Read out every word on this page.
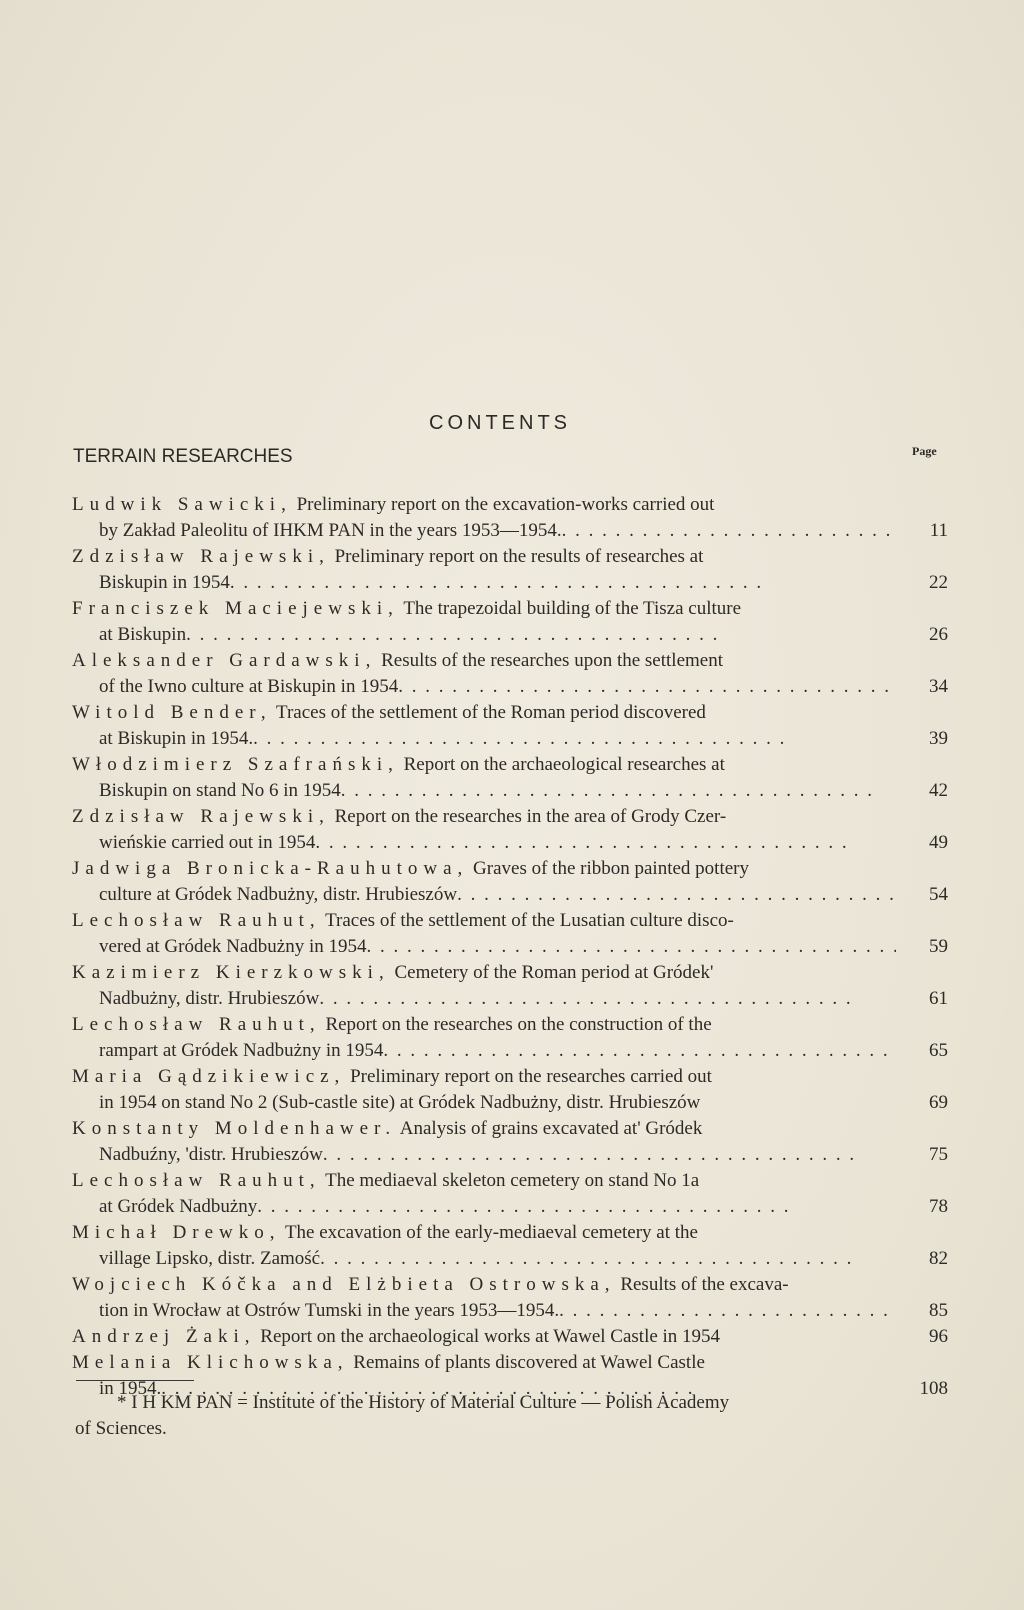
CONTENTS
TERRAIN RESEARCHES	Page
Ludwik Sawicki, Preliminary report on the excavation-works carried out
by Zakład Paleolitu of IHKM PAN in the years 1953—1954. . .	11
Zdzisław Rajewski, Preliminary report on the results of researches at
Biskupin in 1954 . .	22
Franciszek Maciejewski, The trapezoidal building of the Tisza culture
at Biskupin . .	26
Aleksander Gardawski, Results of the researches upon the settlement
of the Iwno culture at Biskupin in 1954 . .	34
Witold Bender, Traces of the settlement of the Roman period discovered
at Biskupin in 1954. . .	39
Włodzimierz Szafrański, Report on the archaeological researches at
Biskupin on stand No 6 in 1954 . .	42
Zdzisław Rajewski, Report on the researches in the area of Grody Czer-
wieńskie carried out in 1954 . .	49
Jadwiga Bronicka-Rauhutowa, Graves of the ribbon painted pottery
culture at Gródek Nadbużny, distr. Hrubieszów . .	54
Lechosław Rauhut, Traces of the settlement of the Lusatian culture disco-
vered at Gródek Nadbużny in 1954 . .	59
Kazimierz Kierzkowski, Cemetery of the Roman period at Gródek'
Nadbużny, distr. Hrubieszów . .	61
Lechosław Rauhut, Report on the researches on the construction of the
rampart at Gródek Nadbużny in 1954 . .	65
Maria Gądzikiewicz, Preliminary report on the researches carried out
in 1954 on stand No 2 (Sub-castle site) at Gródek Nadbużny, distr. Hrubieszów	69
Konstanty Moldenhawer. Analysis of grains excavated at' Gródek
Nadbuźny, 'distr. Hrubieszów . .	75
Lechosław Rauhut, The mediaeval skeleton cemetery on stand No 1a
at Gródek Nadbużny . .	78
Michał Drewko, The excavation of the early-mediaeval cemetery at the
village Lipsko, distr. Zamość . .	82
Wojciech Kóčka and Elżbieta Ostrowska, Results of the excava-
tion in Wrocław at Ostrów Tumski in the years 1953—1954. . .	85
Andrzej Żaki, Report on the archaeological works at Wawel Castle in 1954	96
Melania Klichowska, Remains of plants discovered at Wawel Castle
in 1954. . .	108
* I H KM PAN = Institute of the History of Material Culture — Polish Academy
of Sciences.
